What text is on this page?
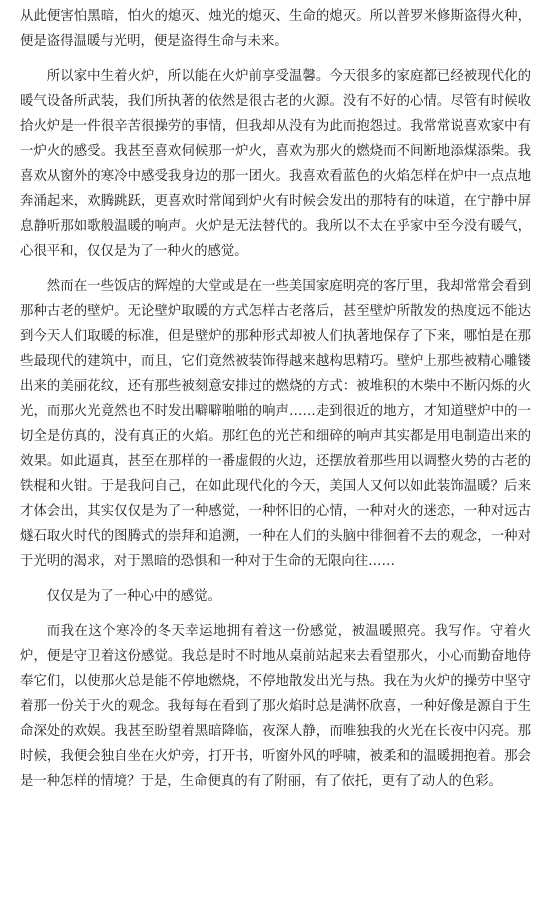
从此便害怕黑暗，怕火的熄灭、烛光的熄灭、生命的熄灭。所以普罗米修斯盗得火种，便是盗得温暖与光明，便是盗得生命与未来。

所以家中生着火炉，所以能在火炉前享受温馨。今天很多的家庭都已经被现代化的暖气设备所武装，我们所执著的依然是很古老的火源。没有不好的心情。尽管有时候收拾火炉是一件很辛苦很操劳的事情，但我却从没有为此而抱怨过。我常常说喜欢家中有一炉火的感受。我甚至喜欢伺候那一炉火，喜欢为那火的燃烧而不间断地添煤添柴。我喜欢从窗外的寒冷中感受我身边的那一团火。我喜欢看蓝色的火焰怎样在炉中一点点地奔涌起来，欢腾跳跃，更喜欢时常闻到炉火有时候会发出的那特有的味道，在宁静中屏息静听那如歌般温暖的响声。火炉是无法替代的。我所以不太在乎家中至今没有暖气，心很平和，仅仅是为了一种火的感觉。

然而在一些饭店的辉煌的大堂或是在一些美国家庭明亮的客厅里，我却常常会看到那种古老的壁炉。无论壁炉取暖的方式怎样古老落后，甚至壁炉所散发的热度远不能达到今天人们取暖的标准，但是壁炉的那种形式却被人们执著地保存了下来，哪怕是在那些最现代的建筑中，而且，它们竟然被装饰得越来越构思精巧。壁炉上那些被精心雕镂出来的美丽花纹，还有那些被刻意安排过的燃烧的方式：被堆积的木柴中不断闪烁的火光，而那火光竟然也不时发出噼噼啪啪的响声……走到很近的地方，才知道壁炉中的一切全是仿真的，没有真正的火焰。那红色的光芒和细碎的响声其实都是用电制造出来的效果。如此逼真，甚至在那样的一番虚假的火边，还摆放着那些用以调整火势的古老的铁棍和火钳。于是我问自己，在如此现代化的今天，美国人又何以如此装饰温暖？后来才体会出，其实仅仅是为了一种感觉，一种怀旧的心情，一种对火的迷恋，一种对远古燧石取火时代的图腾式的崇拜和追溯，一种在人们的头脑中徘徊着不去的观念，一种对于光明的渴求，对于黑暗的恐惧和一种对于生命的无限向往……

仅仅是为了一种心中的感觉。

而我在这个寒冷的冬天幸运地拥有着这一份感觉，被温暖照亮。我写作。守着火炉，便是守卫着这份感觉。我总是时不时地从桌前站起来去看望那火，小心而勤奋地侍奉它们，以使那火总是能不停地燃烧，不停地散发出光与热。我在为火炉的操劳中坚守着那一份关于火的观念。我每每在看到了那火焰时总是满怀欣喜，一种好像是源自于生命深处的欢娱。我甚至盼望着黑暗降临，夜深人静，而唯独我的火光在长夜中闪亮。那时候，我便会独自坐在火炉旁，打开书，听窗外风的呼啸，被柔和的温暖拥抱着。那会是一种怎样的情境？于是，生命便真的有了附丽，有了依托，更有了动人的色彩。
